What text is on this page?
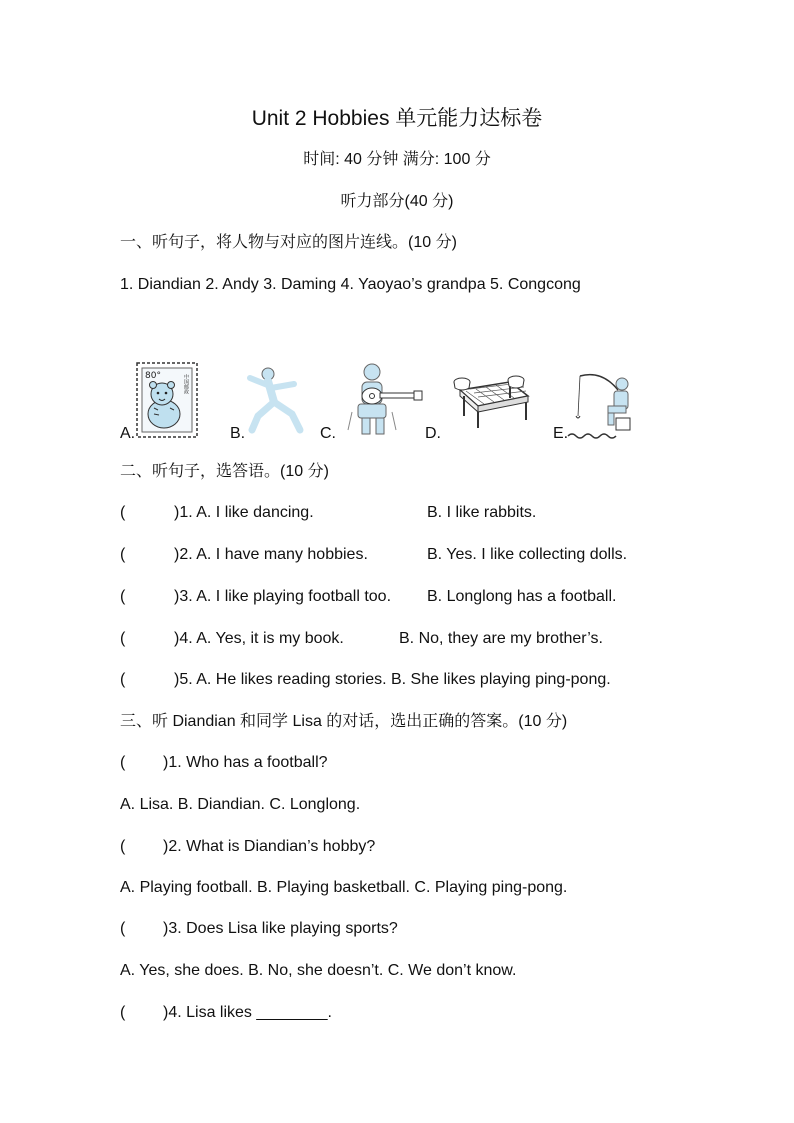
Unit 2 Hobbies 单元能力达标卷
时间: 40 分钟 满分: 100 分
听力部分(40 分)
一、听句子，将人物与对应的图片连线。(10 分)
1. Diandian 2. Andy 3. Daming 4. Yaoyao’s grandpa 5. Congcong
A.
80°	中国邮政
B.	C.	D.	E.
二、听句子，选答语。(10 分)
(	)1. A. I like dancing.	B. I like rabbits.
(	)2. A. I have many hobbies.	B. Yes. I like collecting dolls.
(	)3. A. I like playing football too. B. Longlong has a football.
(	)4. A. Yes, it is my book.	B. No, they are my brother’s.
(	)5. A. He likes reading stories. B. She likes playing ping-pong.
三、听 Diandian 和同学 Lisa 的对话，选出正确的答案。(10 分)
( )1. Who has a football?
A. Lisa. B. Diandian. C. Longlong.
( )2. What is Diandian’s hobby?
A. Playing football. B. Playing basketball. C. Playing ping-pong.
( )3. Does Lisa like playing sports?
A. Yes, she does. B. No, she doesn’t. C. We don’t know.
( )4. Lisa likes ________.
